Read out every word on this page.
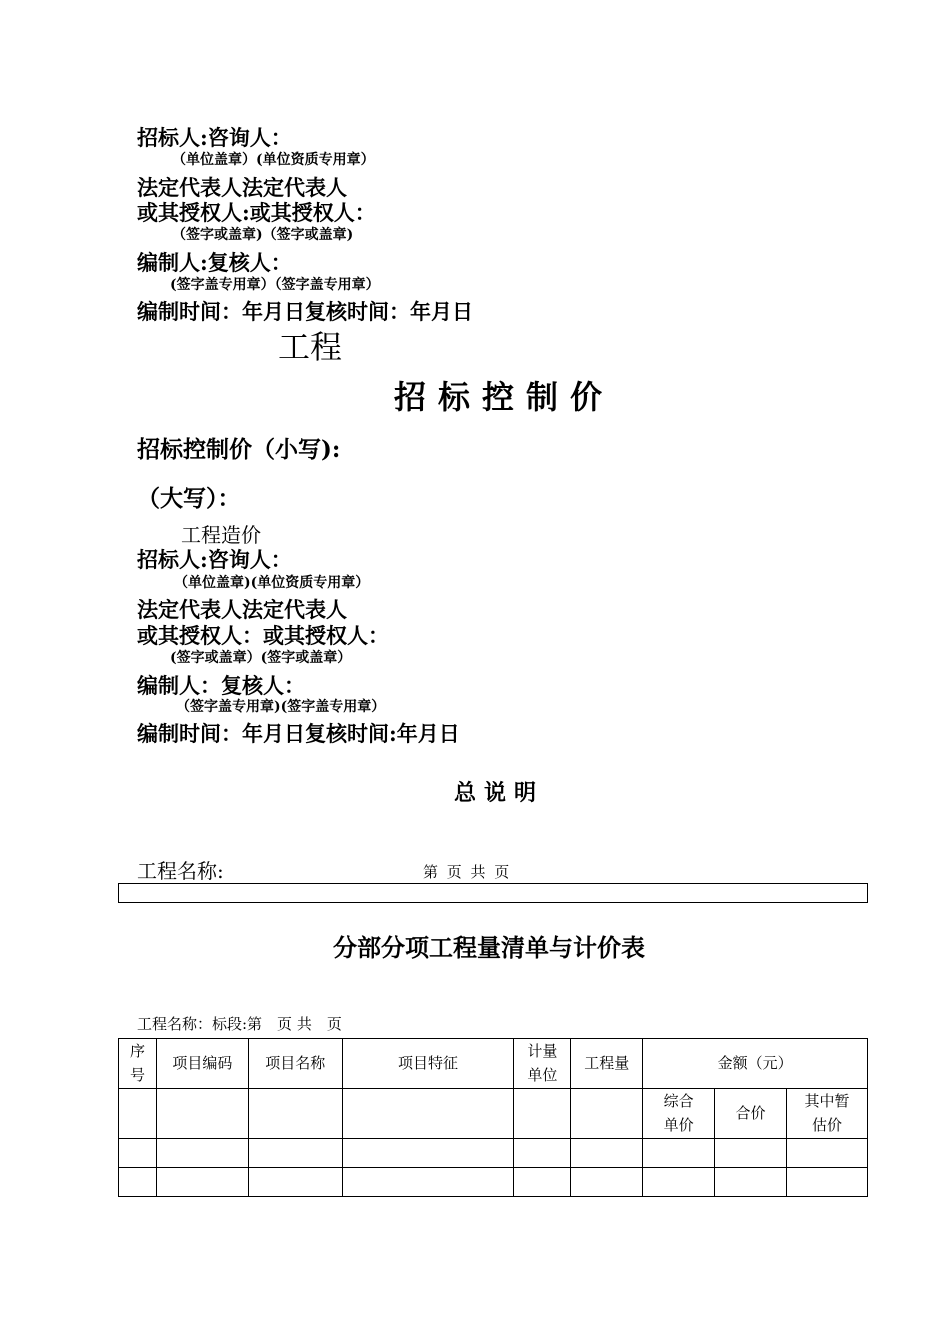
招标人:咨询人：
（单位盖章）(单位资质专用章）
法定代表人法定代表人
或其授权人:或其授权人：
（签字或盖章)（签字或盖章)
编制人:复核人：
(签字盖专用章）（签字盖专用章）
编制时间：年月日复核时间：年月日
工程
招标控制价
招标控制价（小写):
（大写）：
工程造价
招标人:咨询人：
（单位盖章)(单位资质专用章）
法定代表人法定代表人
或其授权人：或其授权人：
(签字或盖章）(签字或盖章）
编制人：复核人：
（签字盖专用章)(签字盖专用章）
编制时间：年月日复核时间:年月日
总说明
工程名称:	第 页 共 页
分部分项工程量清单与计价表
工程名称：标段:第　页 共　页
序号	项目编码	项目名称	项目特征	计量单位	工程量	金额（元）		
						综合单价	合价	其中暂估价
